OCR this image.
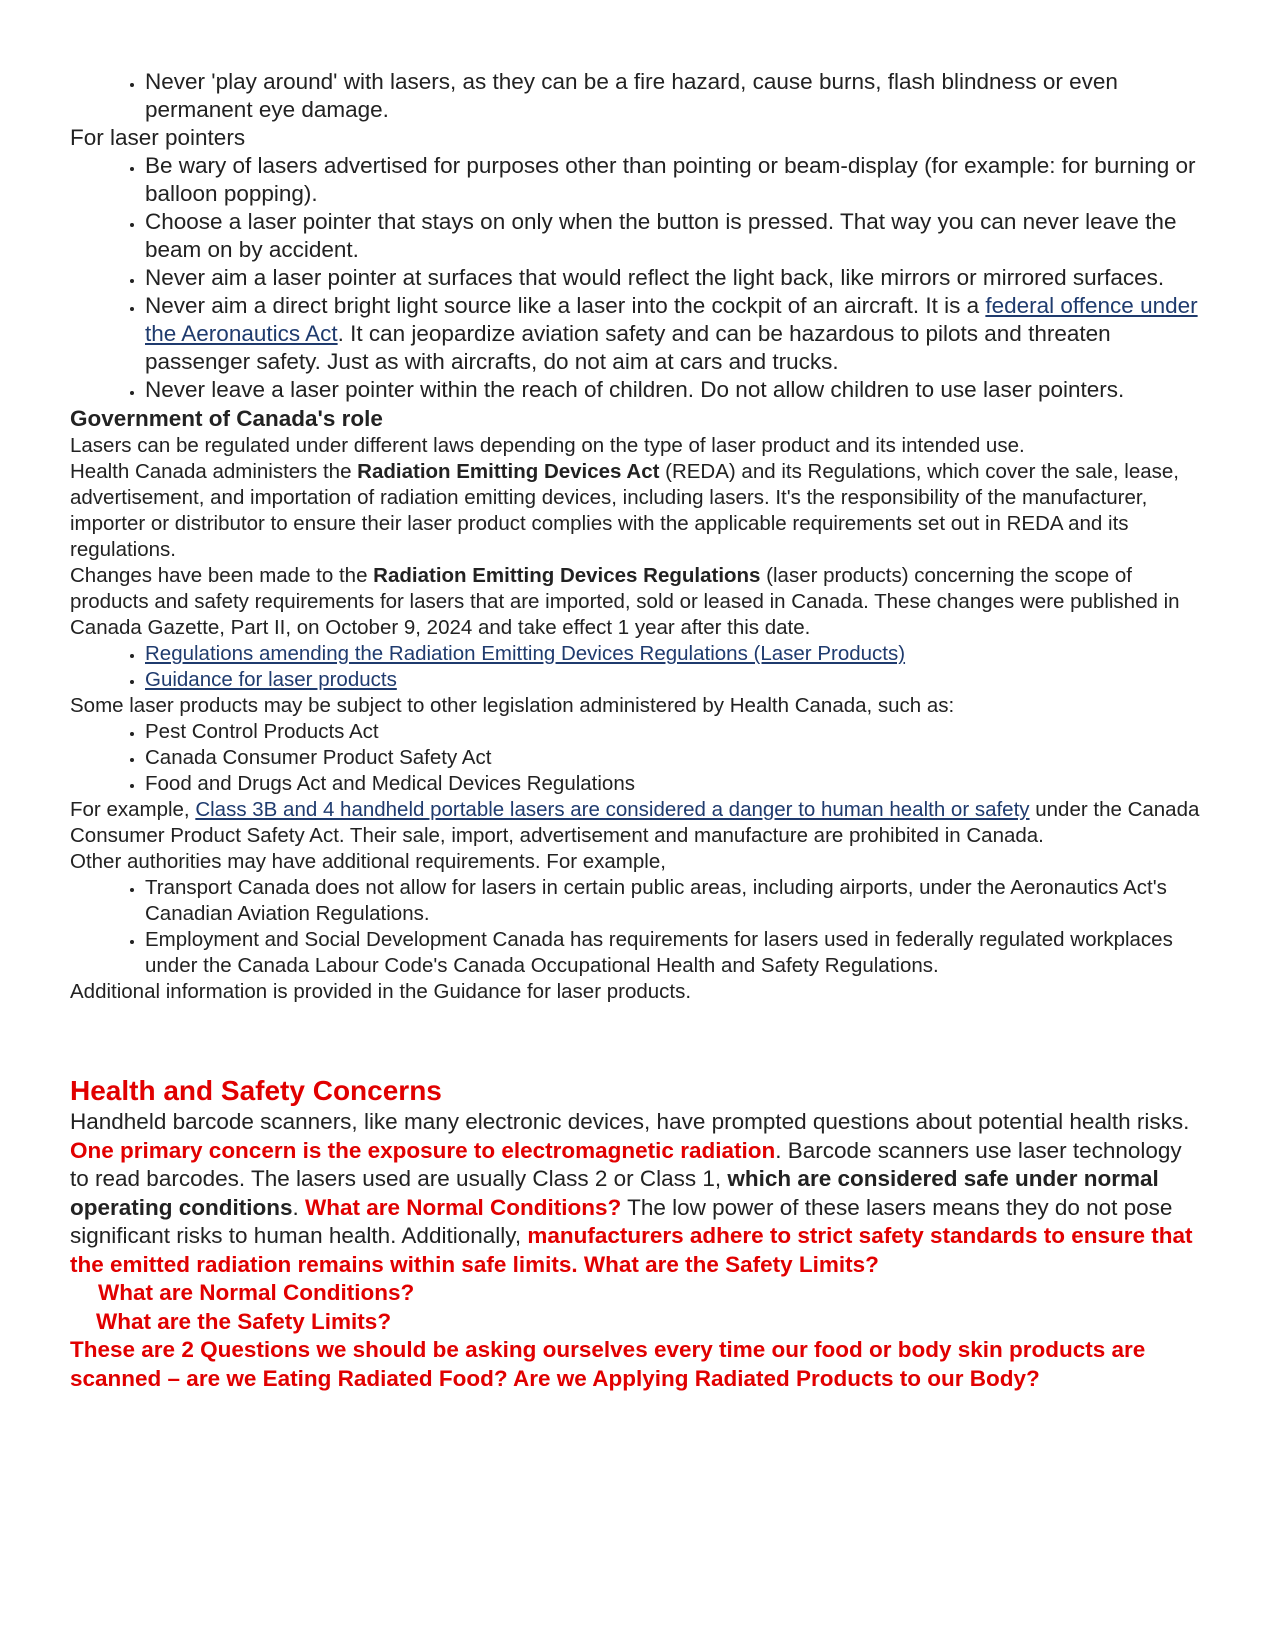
• Never 'play around' with lasers, as they can be a fire hazard, cause burns, flash blindness or even permanent eye damage.

For laser pointers

• Be wary of lasers advertised for purposes other than pointing or beam-display (for example: for burning or balloon popping).
• Choose a laser pointer that stays on only when the button is pressed. That way you can never leave the beam on by accident.
• Never aim a laser pointer at surfaces that would reflect the light back, like mirrors or mirrored surfaces.
• Never aim a direct bright light source like a laser into the cockpit of an aircraft. It is a federal offence under the Aeronautics Act. It can jeopardize aviation safety and can be hazardous to pilots and threaten passenger safety. Just as with aircrafts, do not aim at cars and trucks.
• Never leave a laser pointer within the reach of children. Do not allow children to use laser pointers.
Government of Canada's role

Lasers can be regulated under different laws depending on the type of laser product and its intended use.

Health Canada administers the Radiation Emitting Devices Act (REDA) and its Regulations, which cover the sale, lease, advertisement, and importation of radiation emitting devices, including lasers. It's the responsibility of the manufacturer, importer or distributor to ensure their laser product complies with the applicable requirements set out in REDA and its regulations.

Changes have been made to the Radiation Emitting Devices Regulations (laser products) concerning the scope of products and safety requirements for lasers that are imported, sold or leased in Canada. These changes were published in Canada Gazette, Part II, on October 9, 2024 and take effect 1 year after this date.

• Regulations amending the Radiation Emitting Devices Regulations (Laser Products)
• Guidance for laser products

Some laser products may be subject to other legislation administered by Health Canada, such as:

• Pest Control Products Act
• Canada Consumer Product Safety Act
• Food and Drugs Act and Medical Devices Regulations

For example, Class 3B and 4 handheld portable lasers are considered a danger to human health or safety under the Canada Consumer Product Safety Act. Their sale, import, advertisement and manufacture are prohibited in Canada.

Other authorities may have additional requirements. For example,

• Transport Canada does not allow for lasers in certain public areas, including airports, under the Aeronautics Act's Canadian Aviation Regulations.
• Employment and Social Development Canada has requirements for lasers used in federally regulated workplaces under the Canada Labour Code's Canada Occupational Health and Safety Regulations.

Additional information is provided in the Guidance for laser products.

Health and Safety Concerns

Handheld barcode scanners, like many electronic devices, have prompted questions about potential health risks. One primary concern is the exposure to electromagnetic radiation. Barcode scanners use laser technology to read barcodes. The lasers used are usually Class 2 or Class 1, which are considered safe under normal operating conditions. What are Normal Conditions? The low power of these lasers means they do not pose significant risks to human health. Additionally, manufacturers adhere to strict safety standards to ensure that the emitted radiation remains within safe limits. What are the Safety Limits?

What are Normal Conditions?
What are the Safety Limits?
These are 2 Questions we should be asking ourselves every time our food or body skin products are scanned – are we Eating Radiated Food? Are we Applying Radiated Products to our Body?
